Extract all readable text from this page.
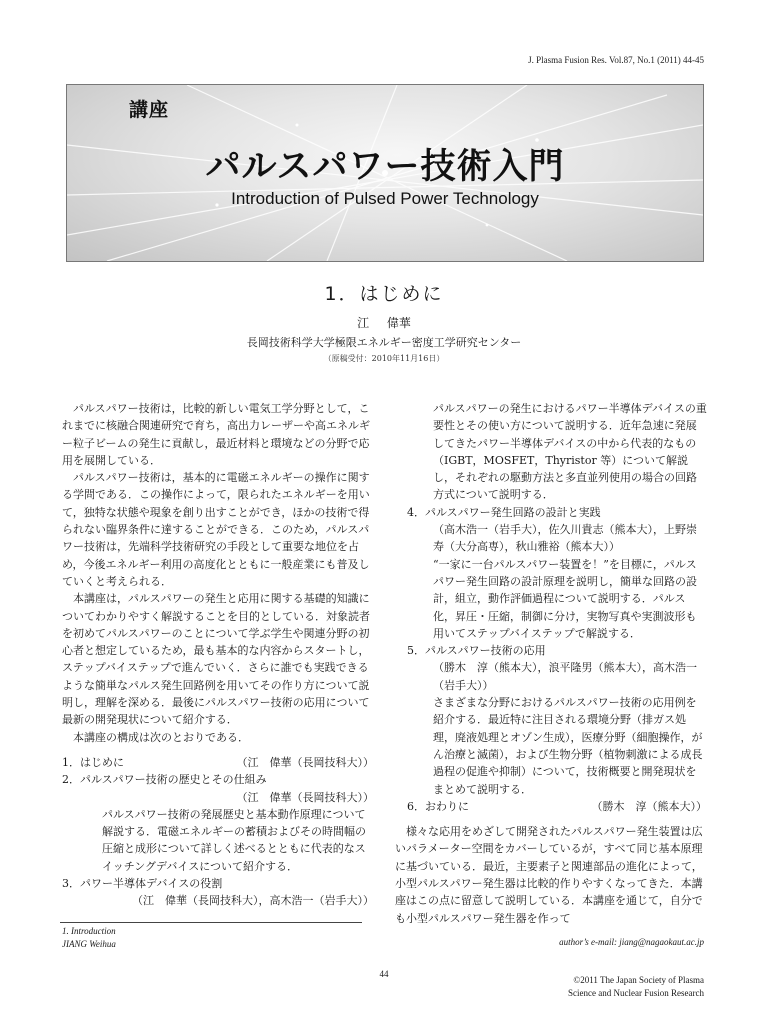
J. Plasma Fusion Res. Vol.87, No.1 (2011) 44‑45
講座
パルスパワー技術入門
Introduction of Pulsed Power Technology
1．はじめに
江 偉華
長岡技術科学大学極限エネルギー密度工学研究センター
（原稿受付：2010年11月16日）

パルスパワー技術は，比較的新しい電気工学分野として，これまでに核融合関連研究で育ち，高出力レーザーや高エネルギー粒子ビームの発生に貢献し，最近材料と環境などの分野で応用を展開している．

パルスパワー技術は，基本的に電磁エネルギーの操作に関する学問である．この操作によって，限られたエネルギーを用いて，独特な状態や現象を創り出すことができ，ほかの技術で得られない臨界条件に達することができる．このため，パルスパワー技術は，先端科学技術研究の手段として重要な地位を占め，今後エネルギー利用の高度化とともに一般産業にも普及していくと考えられる．

本講座は，パルスパワーの発生と応用に関する基礎的知識についてわかりやすく解説することを目的としている．対象読者を初めてパルスパワーのことについて学ぶ学生や関連分野の初心者と想定しているため，最も基本的な内容からスタートし，ステップバイステップで進んでいく．さらに誰でも実践できるような簡単なパルス発生回路例を用いてその作り方について説明し，理解を深める．最後にパルスパワー技術の応用について最新の開発現状について紹介する．

本講座の構成は次のとおりである．

1．はじめに	（江　偉華（長岡技科大））
2．パルスパワー技術の歴史とその仕組み
（江　偉華（長岡技科大））

パルスパワー技術の発展歴史と基本動作原理について解説する．電磁エネルギーの蓄積およびその時間幅の圧縮と成形について詳しく述べるとともに代表的なスイッチングデバイスについて紹介する．

3．パワー半導体デバイスの役割
（江　偉華（長岡技科大），高木浩一（岩手大））

パルスパワーの発生におけるパワー半導体デバイスの重要性とその使い方について説明する．近年急速に発展してきたパワー半導体デバイスの中から代表的なもの（IGBT，MOSFET，Thyristor 等）について解説し，それぞれの駆動方法と多直並列使用の場合の回路方式について説明する．

4．パルスパワー発生回路の設計と実践

（高木浩一（岩手大），佐久川貴志（熊本大），上野崇寿（大分高専），秋山雅裕（熊本大））

“一家に一台パルスパワー装置を！”を目標に，パルスパワー発生回路の設計原理を説明し，簡単な回路の設計，組立，動作評価過程について説明する．パルス化，昇圧・圧縮，制御に分け，実物写真や実測波形も用いてステップバイステップで解説する．

5．パルスパワー技術の応用

（勝木　淳（熊本大），浪平隆男（熊本大），高木浩一（岩手大））

さまざまな分野におけるパルスパワー技術の応用例を紹介する．最近特に注目される環境分野（排ガス処理，廃液処理とオゾン生成），医療分野（細胞操作，がん治療と滅菌），および生物分野（植物刺激による成長過程の促進や抑制）について，技術概要と開発現状をまとめて説明する．

6．おわりに	（勝木　淳（熊本大））

様々な応用をめざして開発されたパルスパワー発生装置は広いパラメーター空間をカバーしているが，すべて同じ基本原理に基づいている．最近，主要素子と関連部品の進化によって，小型パルスパワー発生器は比較的作りやすくなってきた．本講座はこの点に留意して説明している．本講座を通じて，自分でも小型パルスパワー発生器を作って

1. Introduction
JIANG Weihua	author’s e-mail: jiang@nagaokaut.ac.jp
44
©2011 The Japan Society of Plasma
Science and Nuclear Fusion Research
